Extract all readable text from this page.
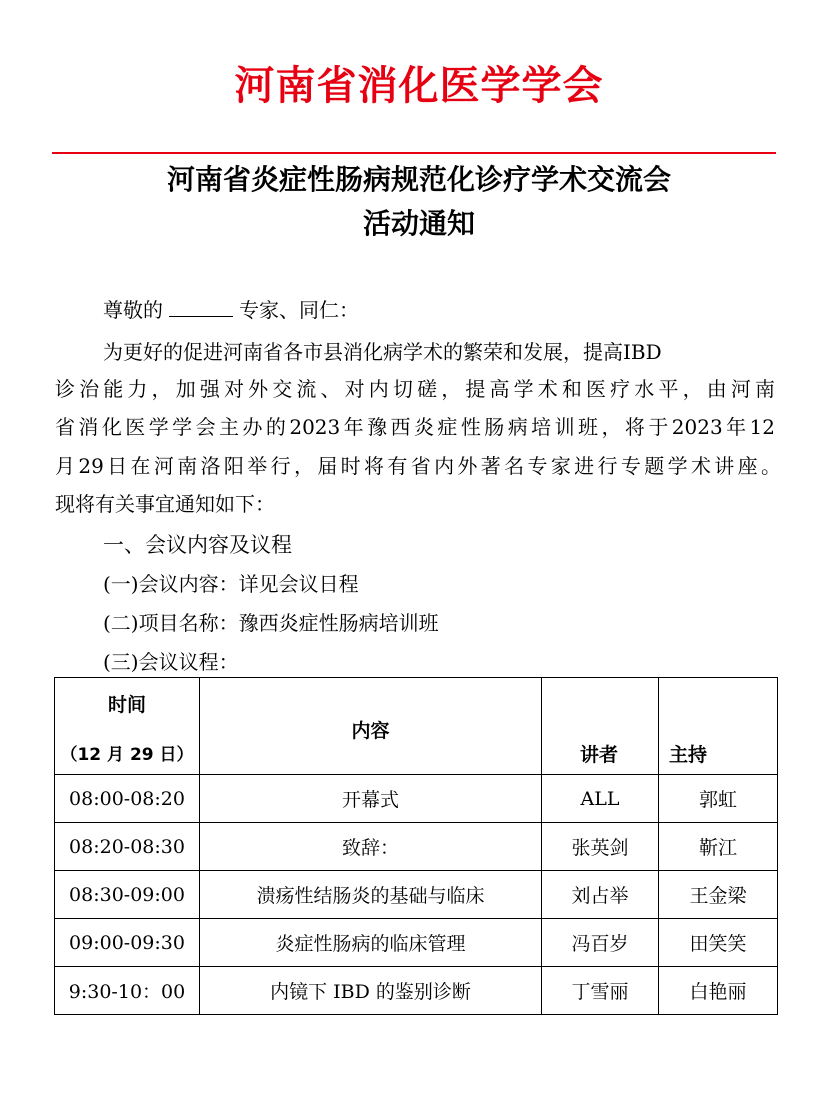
河南省消化医学学会
河南省炎症性肠病规范化诊疗学术交流会
活动通知

尊敬的	专家、同仁：

为更好的促进河南省各市县消化病学术的繁荣和发展，提高IBD

诊治能力，加强对外交流、对内切磋，提高学术和医疗水平，由河南

省消化医学学会主办的2023年豫西炎症性肠病培训班，将于2023年12

月29日在河南洛阳举行，届时将有省内外著名专家进行专题学术讲座。

现将有关事宜通知如下：

一、会议内容及议程

(一)会议内容：详见会议日程

(二)项目名称：豫西炎症性肠病培训班

(三)会议议程：

时间
（12 月 29 日）	内容	讲者	主持

08:00-08:20	开幕式	ALL	郭虹
08:20-08:30	致辞：	张英剑	靳江
08:30-09:00	溃疡性结肠炎的基础与临床	刘占举	王金梁
09:00-09:30	炎症性肠病的临床管理	冯百岁	田笑笑
9:30-10：00	内镜下 IBD 的鉴别诊断	丁雪丽	白艳丽
